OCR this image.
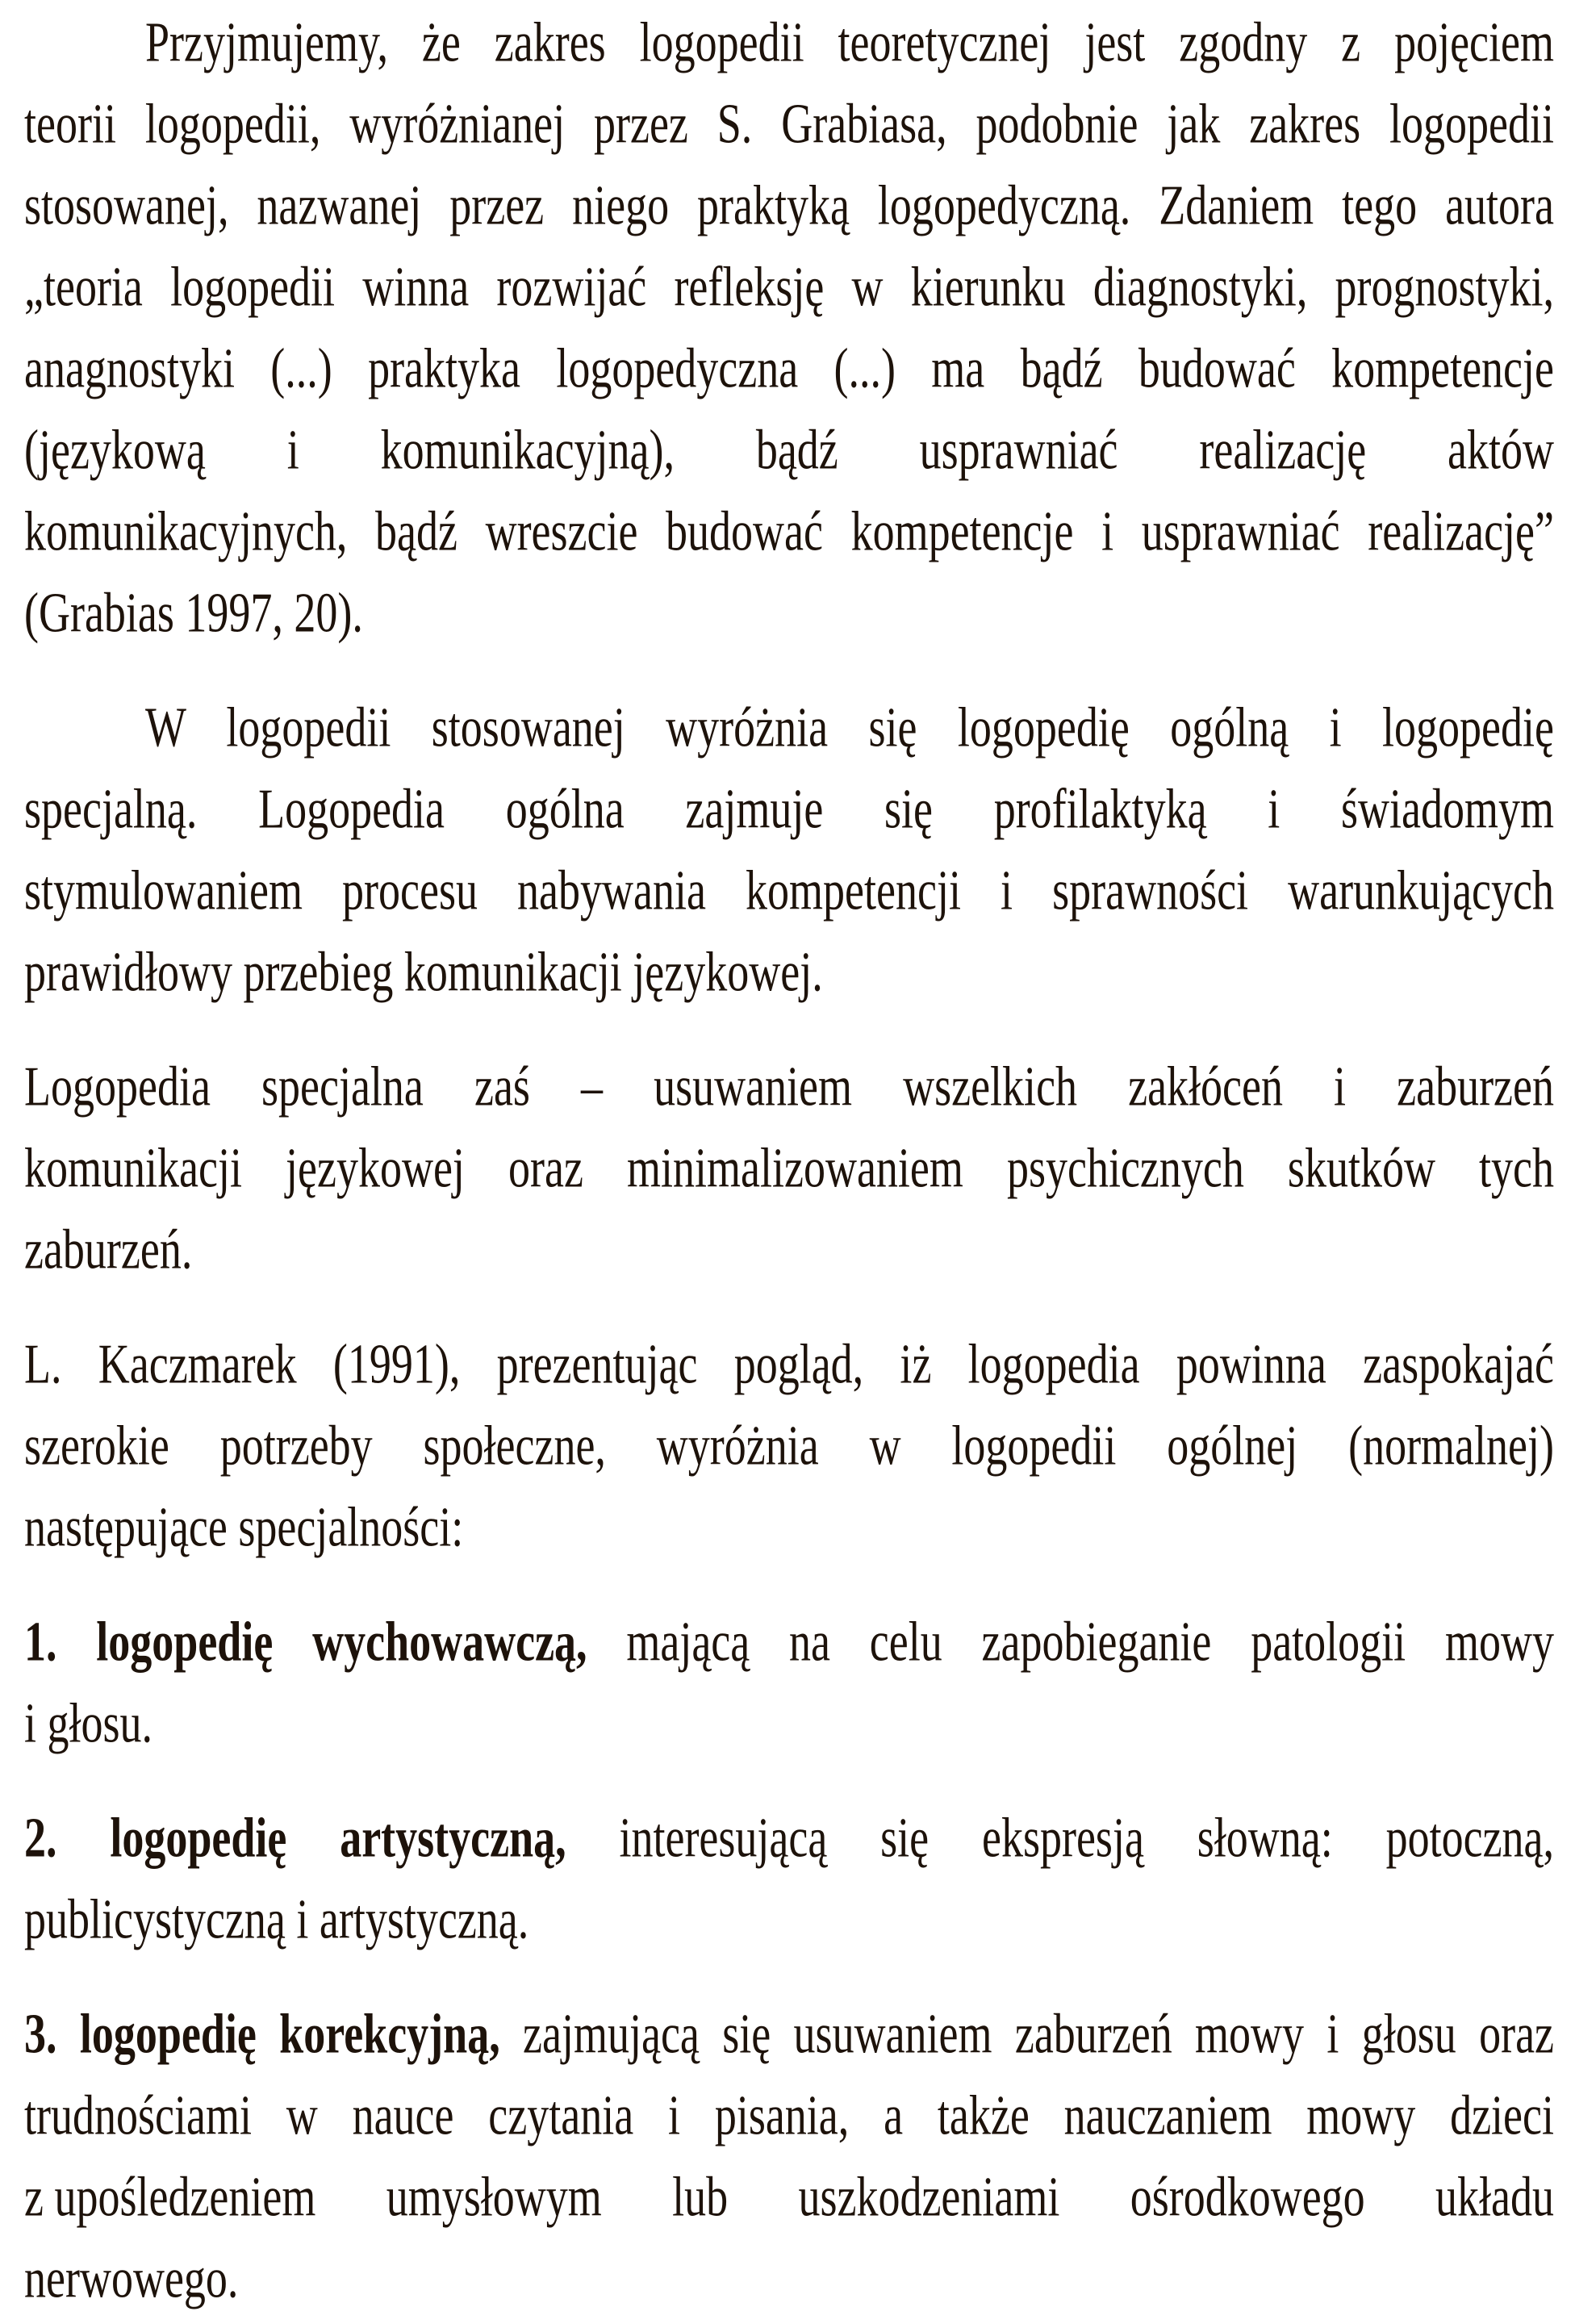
Przyjmujemy, że zakres logopedii teoretycznej jest zgodny z pojęciem
teorii logopedii, wyróżnianej przez S. Grabiasa, podobnie jak zakres logopedii
stosowanej, nazwanej przez niego praktyką logopedyczną. Zdaniem tego autora
„teoria logopedii winna rozwijać refleksję w kierunku diagnostyki, prognostyki,
anagnostyki (...) praktyka logopedyczna (...) ma bądź budować kompetencje
(językową i komunikacyjną), bądź usprawniać realizację aktów
komunikacyjnych, bądź wreszcie budować kompetencje i usprawniać realizację”
(Grabias 1997, 20).
W logopedii stosowanej wyróżnia się logopedię ogólną i logopedię
specjalną. Logopedia ogólna zajmuje się profilaktyką i świadomym
stymulowaniem procesu nabywania kompetencji i sprawności warunkujących
prawidłowy przebieg komunikacji językowej.
Logopedia specjalna zaś – usuwaniem wszelkich zakłóceń i zaburzeń
komunikacji językowej oraz minimalizowaniem psychicznych skutków tych
zaburzeń.
L. Kaczmarek (1991), prezentując pogląd, iż logopedia powinna zaspokajać
szerokie potrzeby społeczne, wyróżnia w logopedii ogólnej (normalnej)
następujące specjalności:
1. logopedię wychowawczą, mającą na celu zapobieganie patologii mowy
i głosu.
2. logopedię artystyczną, interesującą się ekspresją słowną: potoczną,
publicystyczną i artystyczną.
3. logopedię korekcyjną, zajmującą się usuwaniem zaburzeń mowy i głosu oraz
trudnościami w nauce czytania i pisania, a także nauczaniem mowy dzieci
z upośledzeniem umysłowym lub uszkodzeniami ośrodkowego układu
nerwowego.
